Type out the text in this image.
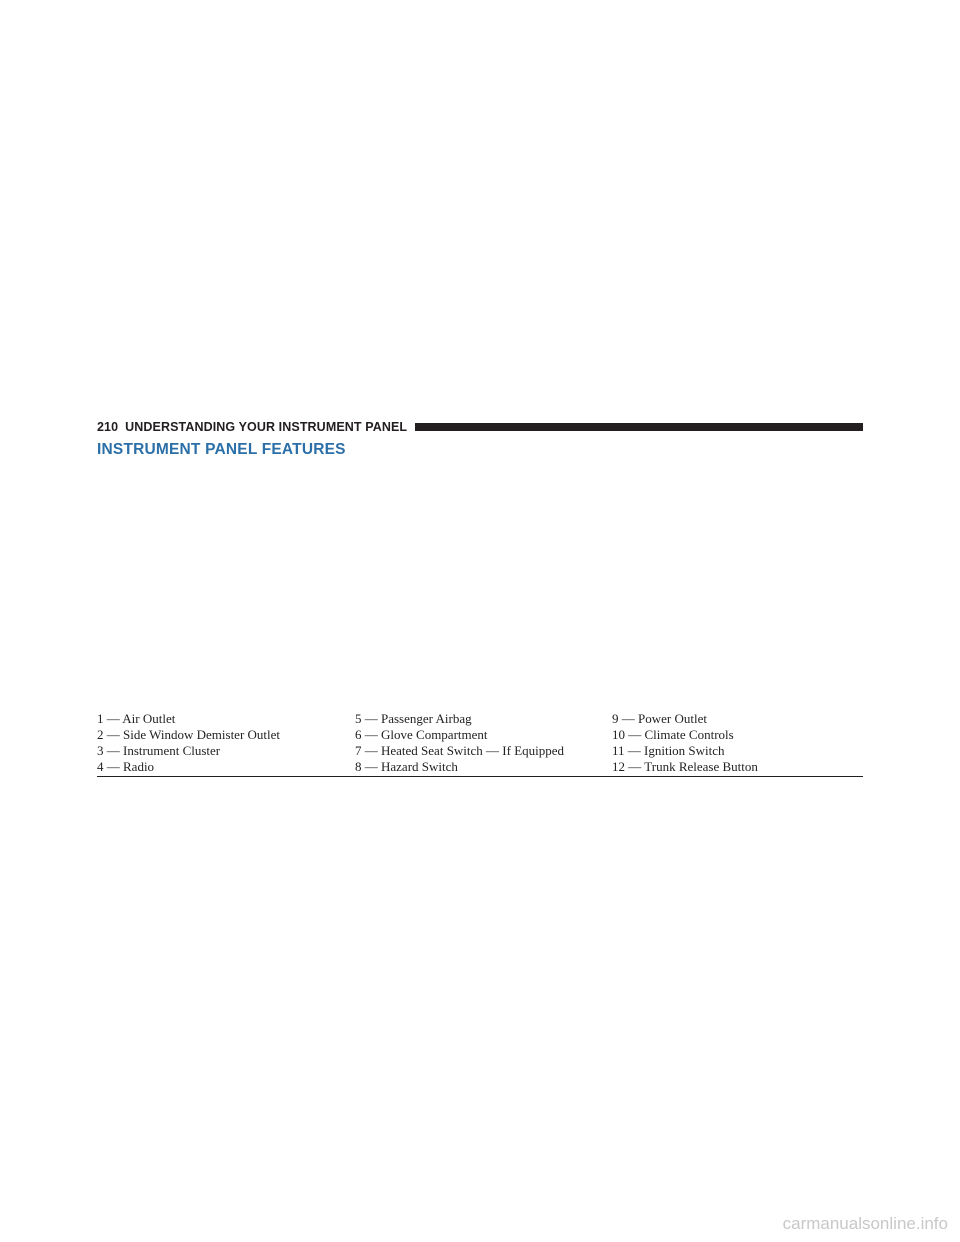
210 UNDERSTANDING YOUR INSTRUMENT PANEL
INSTRUMENT PANEL FEATURES
1 — Air Outlet
2 — Side Window Demister Outlet
3 — Instrument Cluster
4 — Radio
5 — Passenger Airbag
6 — Glove Compartment
7 — Heated Seat Switch — If Equipped
8 — Hazard Switch
9 — Power Outlet
10 — Climate Controls
11 — Ignition Switch
12 — Trunk Release Button
carmanualsonline.info
